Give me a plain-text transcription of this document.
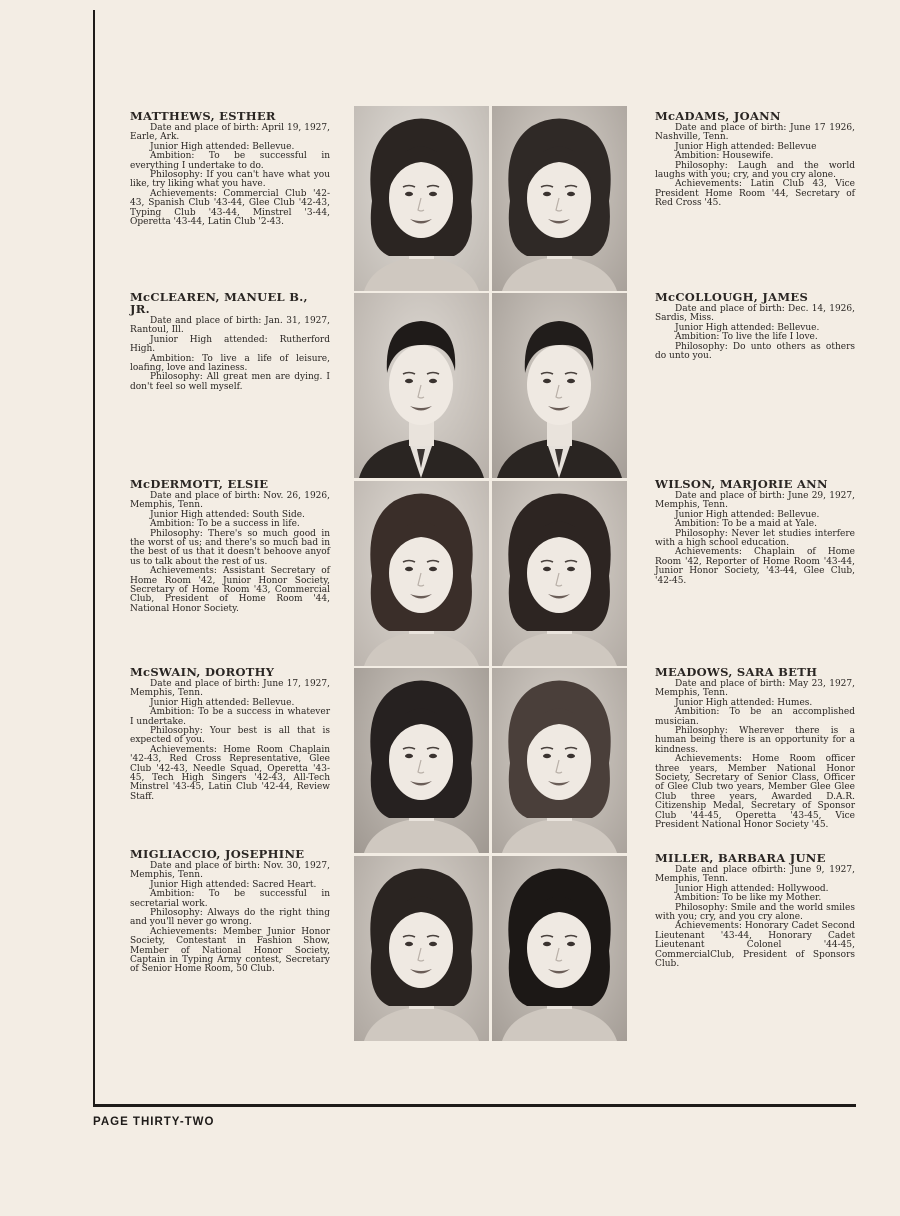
PAGE THIRTY-TWO
MATTHEWS, ESTHER
Date and place of birth: April 19, 1927, Earle, Ark.
Junior High attended: Bellevue.
Ambition: To be successful in everything I undertake to do.
Philosophy: If you can't have what you like, try liking what you have.
Achievements: Commercial Club '42-43, Spanish Club '43-44, Glee Club '42-43, Typing Club '43-44, Minstrel '3-44, Operetta '43-44, Latin Club '2-43.
McADAMS, JOANN
Date and place of birth: June 17 1926, Nashville, Tenn.
Junior High attended: Bellevue
Ambition: Housewife.
Philosophy: Laugh and the world laughs with you; cry, and you cry alone.
Achievements: Latin Club 43, Vice President Home Room '44, Secretary of Red Cross '45.
McCLEAREN, MANUEL B., JR.
Date and place of birth: Jan. 31, 1927, Rantoul, Ill.
Junior High attended: Rutherford High.
Ambition: To live a life of leisure, loafing, love and laziness.
Philosophy: All great men are dying. I don't feel so well myself.
McCOLLOUGH, JAMES
Date and place of birth: Dec. 14, 1926, Sardis, Miss.
Junior High attended: Bellevue.
Ambition: To live the life I love.
Philosophy: Do unto others as others do unto you.
McDERMOTT, ELSIE
Date and place of birth: Nov. 26, 1926, Memphis, Tenn.
Junior High attended: South Side.
Ambition: To be a success in life.
Philosophy: There's so much good in the worst of us; and there's so much bad in the best of us that it doesn't behoove anyof us to talk about the rest of us.
Achievements: Assistant Secretary of Home Room '42, Junior Honor Society, Secretary of Home Room '43, Commercial Club, President of Home Room '44, National Honor Society.
WILSON, MARJORIE ANN
Date and place of birth: June 29, 1927, Memphis, Tenn.
Junior High attended: Bellevue.
Ambition: To be a maid at Yale.
Philosophy: Never let studies interfere with a high school education.
Achievements: Chaplain of Home Room '42, Reporter of Home Room '43-44, Junior Honor Society, '43-44, Glee Club, '42-45.
McSWAIN, DOROTHY
Date and place of birth: June 17, 1927, Memphis, Tenn.
Junior High attended: Bellevue.
Ambition: To be a success in whatever I undertake.
Philosophy: Your best is all that is expected of you.
Achievements: Home Room Chaplain '42-43, Red Cross Representative, Glee Club '42-43, Needle Squad, Operetta '43-45, Tech High Singers '42-43, All-Tech Minstrel '43-45, Latin Club '42-44, Review Staff.
MEADOWS, SARA BETH
Date and place of birth: May 23, 1927, Memphis, Tenn.
Junior High attended: Humes.
Ambition: To be an accomplished musician.
Philosophy: Wherever there is a human being there is an opportunity for a kindness.
Achievements: Home Room officer three years, Member National Honor Society, Secretary of Senior Class, Officer of Glee Club two years, Member Glee Glee Club three years, Awarded D.A.R. Citizenship Medal, Secretary of Sponsor Club '44-45, Operetta '43-45, Vice President National Honor Society '45.
MIGLIACCIO, JOSEPHINE
Date and place of birth: Nov. 30, 1927, Memphis, Tenn.
Junior High attended: Sacred Heart.
Ambition: To be successful in secretarial work.
Philosophy: Always do the right thing and you'll never go wrong.
Achievements: Member Junior Honor Society, Contestant in Fashion Show, Member of National Honor Society, Captain in Typing Army contest, Secretary of Senior Home Room, 50 Club.
MILLER, BARBARA JUNE
Date and place ofbirth: June 9, 1927, Memphis, Tenn.
Junior High attended: Hollywood.
Ambition: To be like my Mother.
Philosophy: Smile and the world smiles with you; cry, and you cry alone.
Achievements: Honorary Cadet Second Lieutenant '43-44, Honorary Cadet Lieutenant Colonel '44-45, CommercialClub, President of Sponsors Club.
